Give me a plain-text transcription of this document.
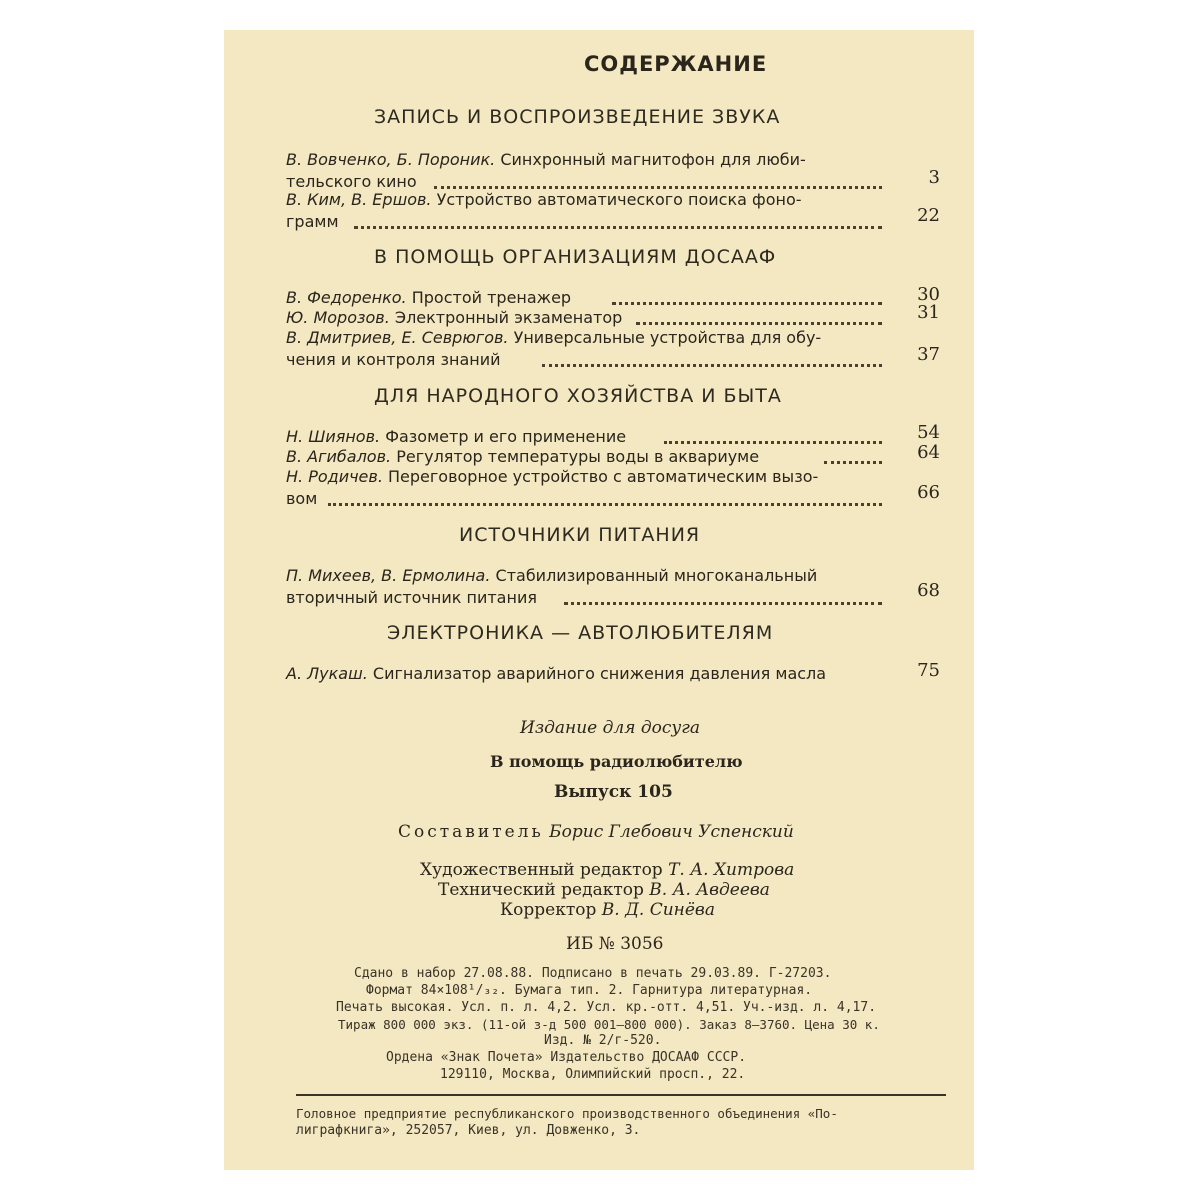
СОДЕРЖАНИЕ
ЗАПИСЬ И ВОСПРОИЗВЕДЕНИЕ ЗВУКА
В. Вовченко, Б. Пороник. Синхронный магнитофон для люби-
тельского кино	3
В. Ким, В. Ершов. Устройство автоматического поиска фоно-
грамм	22
В ПОМОЩЬ ОРГАНИЗАЦИЯМ ДОСААФ
В. Федоренко. Простой тренажер	30
Ю. Морозов. Электронный экзаменатор	31
В. Дмитриев, Е. Севрюгов. Универсальные устройства для обу-
чения и контроля знаний	37
ДЛЯ НАРОДНОГО ХОЗЯЙСТВА И БЫТА
Н. Шиянов. Фазометр и его применение	54
В. Агибалов. Регулятор температуры воды в аквариуме	64
Н. Родичев. Переговорное устройство с автоматическим вызо-
вом	66
ИСТОЧНИКИ ПИТАНИЯ
П. Михеев, В. Ермолина. Стабилизированный многоканальный
вторичный источник питания	68
ЭЛЕКТРОНИКА — АВТОЛЮБИТЕЛЯМ
А. Лукаш. Сигнализатор аварийного снижения давления масла	75
Издание для досуга
В помощь радиолюбителю
Выпуск 105
Составитель Борис Глебович Успенский
Художественный редактор Т. А. Хитрова
Технический редактор В. А. Авдеева
Корректор В. Д. Синёва
ИБ № 3056
Сдано в набор 27.08.88. Подписано в печать 29.03.89. Г-27203.
Формат 84×108¹/₃₂. Бумага тип. 2. Гарнитура литературная.
Печать высокая. Усл. п. л. 4,2. Усл. кр.-отт. 4,51. Уч.-изд. л. 4,17.
Тираж 800 000 экз. (11-ой з-д 500 001—800 000). Заказ 8—3760. Цена 30 к.
Изд. № 2/г-520.
Ордена «Знак Почета» Издательство ДОСААФ СССР.
129110, Москва, Олимпийский просп., 22.
Головное предприятие республиканского производственного объединения «По-
лиграфкнига», 252057, Киев, ул. Довженко, 3.
